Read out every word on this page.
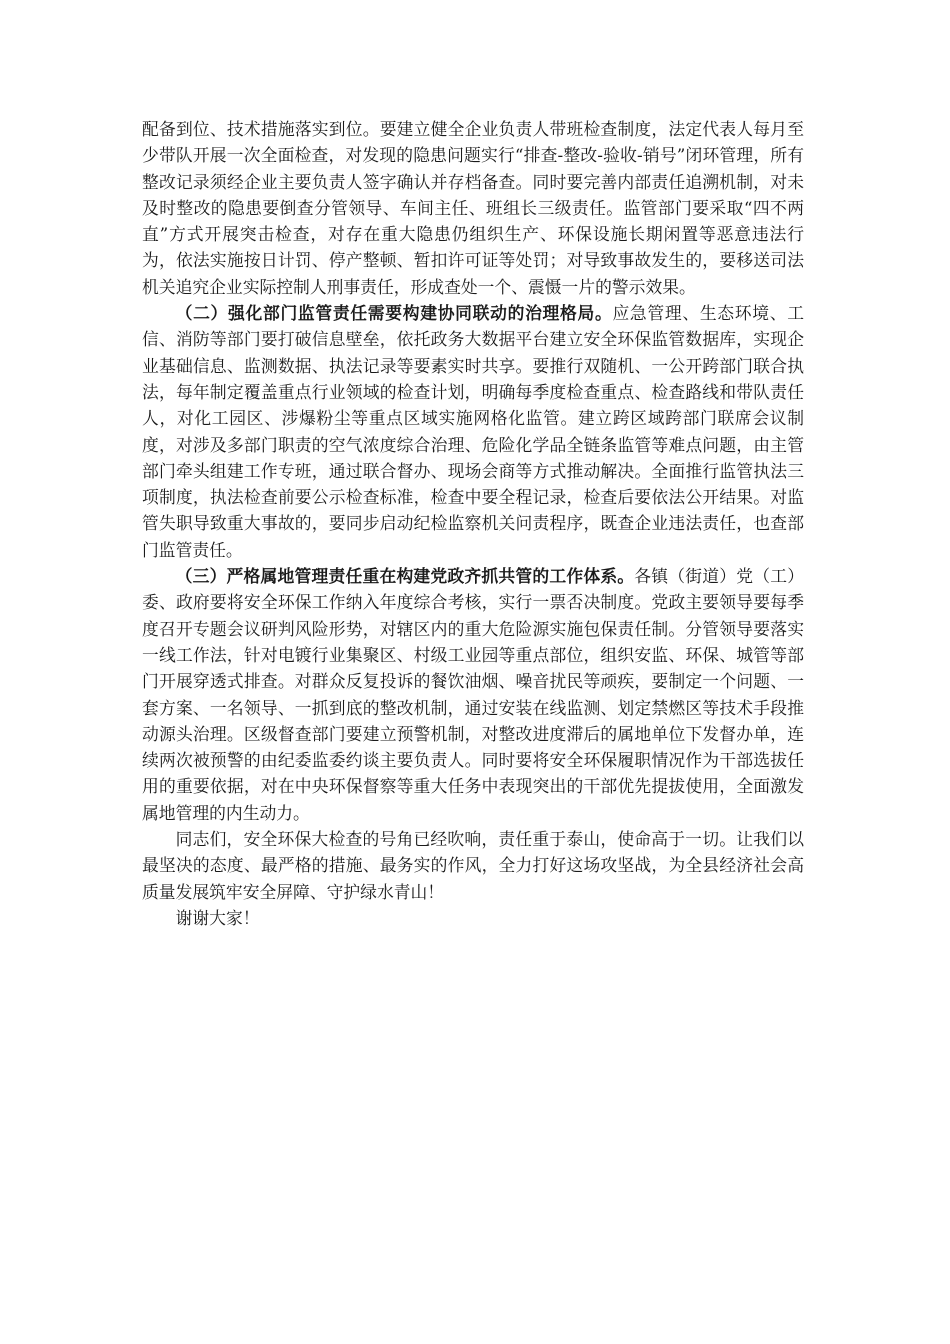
配备到位、技术措施落实到位。要建立健全企业负责人带班检查制度，法定代表人每月至少带队开展一次全面检查，对发现的隐患问题实行“排查-整改-验收-销号”闭环管理，所有整改记录须经企业主要负责人签字确认并存档备查。同时要完善内部责任追溯机制，对未及时整改的隐患要倒查分管领导、车间主任、班组长三级责任。监管部门要采取“四不两直”方式开展突击检查，对存在重大隐患仍组织生产、环保设施长期闲置等恶意违法行为，依法实施按日计罚、停产整顿、暂扣许可证等处罚；对导致事故发生的，要移送司法机关追究企业实际控制人刑事责任，形成查处一个、震慑一片的警示效果。

（二）强化部门监管责任需要构建协同联动的治理格局。应急管理、生态环境、工信、消防等部门要打破信息壁垒，依托政务大数据平台建立安全环保监管数据库，实现企业基础信息、监测数据、执法记录等要素实时共享。要推行双随机、一公开跨部门联合执法，每年制定覆盖重点行业领域的检查计划，明确每季度检查重点、检查路线和带队责任人，对化工园区、涉爆粉尘等重点区域实施网格化监管。建立跨区域跨部门联席会议制度，对涉及多部门职责的空气浓度综合治理、危险化学品全链条监管等难点问题，由主管部门牵头组建工作专班，通过联合督办、现场会商等方式推动解决。全面推行监管执法三项制度，执法检查前要公示检查标准，检查中要全程记录，检查后要依法公开结果。对监管失职导致重大事故的，要同步启动纪检监察机关问责程序，既查企业违法责任，也查部门监管责任。

（三）严格属地管理责任重在构建党政齐抓共管的工作体系。各镇（街道）党（工）委、政府要将安全环保工作纳入年度综合考核，实行一票否决制度。党政主要领导要每季度召开专题会议研判风险形势，对辖区内的重大危险源实施包保责任制。分管领导要落实一线工作法，针对电镀行业集聚区、村级工业园等重点部位，组织安监、环保、城管等部门开展穿透式排查。对群众反复投诉的餐饮油烟、噪音扰民等顽疾，要制定一个问题、一套方案、一名领导、一抓到底的整改机制，通过安装在线监测、划定禁燃区等技术手段推动源头治理。区级督查部门要建立预警机制，对整改进度滞后的属地单位下发督办单，连续两次被预警的由纪委监委约谈主要负责人。同时要将安全环保履职情况作为干部选拔任用的重要依据，对在中央环保督察等重大任务中表现突出的干部优先提拔使用，全面激发属地管理的内生动力。

同志们，安全环保大检查的号角已经吹响，责任重于泰山，使命高于一切。让我们以最坚决的态度、最严格的措施、最务实的作风，全力打好这场攻坚战，为全县经济社会高质量发展筑牢安全屏障、守护绿水青山！

谢谢大家！
